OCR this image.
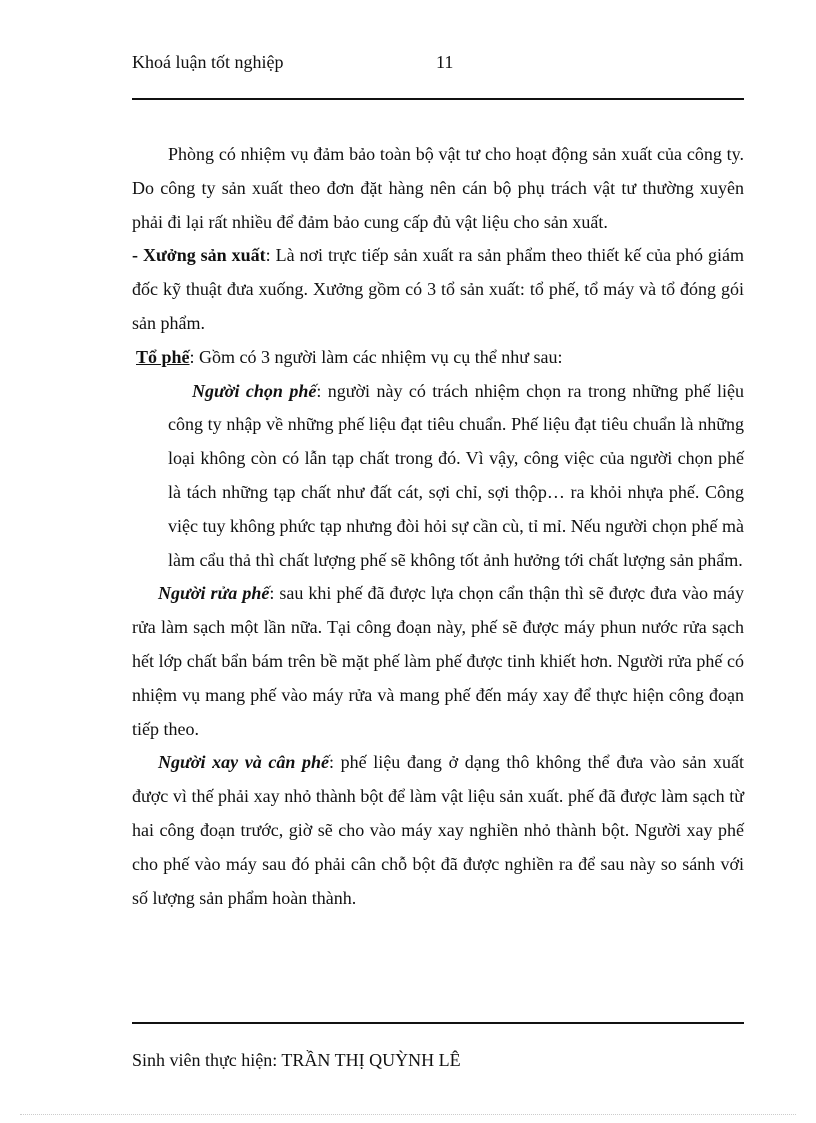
Khoá luận tốt nghiệp	11

Phòng có nhiệm vụ đảm bảo toàn bộ vật tư cho hoạt động sản xuất của công ty. Do công ty sản xuất theo đơn đặt hàng nên cán bộ phụ trách vật tư thường xuyên phải đi lại rất nhiều để đảm bảo cung cấp đủ vật liệu cho sản xuất.

- Xưởng sản xuất: Là nơi trực tiếp sản xuất ra sản phẩm theo thiết kế của phó giám đốc kỹ thuật đưa xuống. Xưởng gồm có 3 tổ sản xuất: tổ phế, tổ máy và tổ đóng gói sản phẩm.

Tổ phế: Gồm có 3 người làm các nhiệm vụ cụ thể như sau:

Người chọn phế: người này có trách nhiệm chọn ra trong những phế liệu công ty nhập về những phế liệu đạt tiêu chuẩn. Phế liệu đạt tiêu chuẩn là những loại không còn có lẫn tạp chất trong đó. Vì vậy, công việc của người chọn phế là tách những tạp chất như đất cát, sợi chỉ, sợi thộp… ra khỏi nhựa phế. Công việc tuy không phức tạp nhưng đòi hỏi sự cần cù, tỉ mỉ. Nếu người chọn phế mà làm cẩu thả thì chất lượng phế sẽ không tốt ảnh hưởng tới chất lượng sản phẩm.

Người rửa phế: sau khi phế đã được lựa chọn cẩn thận thì sẽ được đưa vào máy rửa làm sạch một lần nữa. Tại công đoạn này, phế sẽ được máy phun nước rửa sạch hết lớp chất bẩn bám trên bề mặt phế làm phế được tinh khiết hơn. Người rửa phế có nhiệm vụ mang phế vào máy rửa và mang phế đến máy xay để thực hiện công đoạn tiếp theo.

Người xay và cân phế: phế liệu đang ở dạng thô không thể đưa vào sản xuất được vì thế phải xay nhỏ thành bột để làm vật liệu sản xuất. phế đã được làm sạch từ hai công đoạn trước, giờ sẽ cho vào máy xay nghiền nhỏ thành bột. Người xay phế cho phế vào máy sau đó phải cân chỗ bột đã được nghiền ra để sau này so sánh với số lượng sản phẩm hoàn thành.

Sinh viên thực hiện: TRẦN THỊ QUỲNH LÊ
